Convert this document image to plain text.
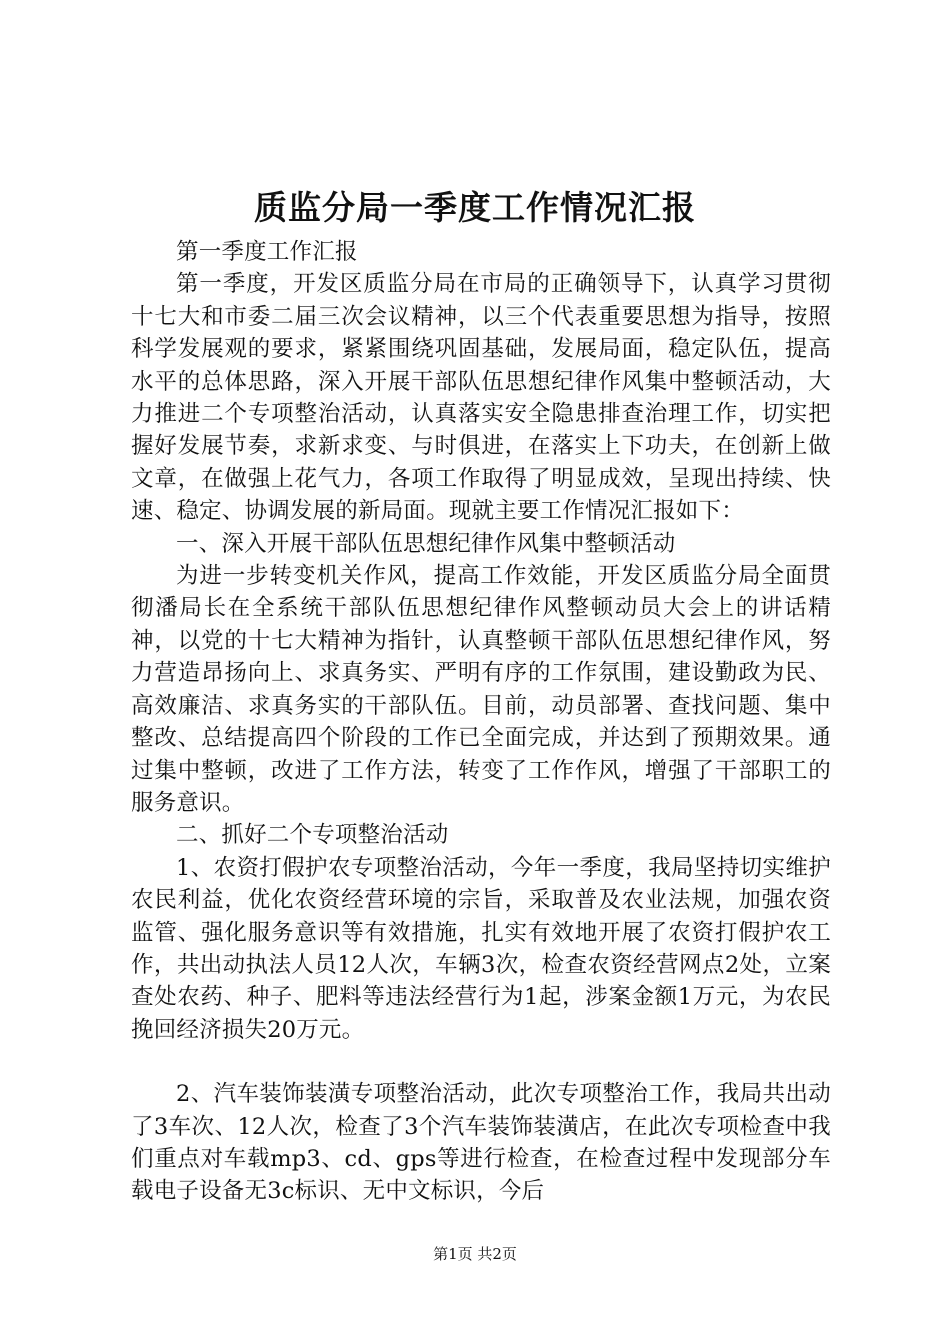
质监分局一季度工作情况汇报

第一季度工作汇报

第一季度，开发区质监分局在市局的正确领导下，认真学习贯彻十七大和市委二届三次会议精神，以三个代表重要思想为指导，按照科学发展观的要求，紧紧围绕巩固基础，发展局面，稳定队伍，提高水平的总体思路，深入开展干部队伍思想纪律作风集中整顿活动，大力推进二个专项整治活动，认真落实安全隐患排查治理工作，切实把握好发展节奏，求新求变、与时俱进，在落实上下功夫，在创新上做文章，在做强上花气力，各项工作取得了明显成效，呈现出持续、快速、稳定、协调发展的新局面。现就主要工作情况汇报如下：

一、深入开展干部队伍思想纪律作风集中整顿活动

为进一步转变机关作风，提高工作效能，开发区质监分局全面贯彻潘局长在全系统干部队伍思想纪律作风整顿动员大会上的讲话精神，以党的十七大精神为指针，认真整顿干部队伍思想纪律作风，努力营造昂扬向上、求真务实、严明有序的工作氛围，建设勤政为民、高效廉洁、求真务实的干部队伍。目前，动员部署、查找问题、集中整改、总结提高四个阶段的工作已全面完成，并达到了预期效果。通过集中整顿，改进了工作方法，转变了工作作风，增强了干部职工的服务意识。

二、抓好二个专项整治活动

1、农资打假护农专项整治活动，今年一季度，我局坚持切实维护农民利益，优化农资经营环境的宗旨，采取普及农业法规，加强农资监管、强化服务意识等有效措施，扎实有效地开展了农资打假护农工作，共出动执法人员12人次，车辆3次，检查农资经营网点2处，立案查处农药、种子、肥料等违法经营行为1起，涉案金额1万元，为农民挽回经济损失20万元。

2、汽车装饰装潢专项整治活动，此次专项整治工作，我局共出动了3车次、12人次，检查了3个汽车装饰装潢店，在此次专项检查中我们重点对车载mp3、cd、gps等进行检查，在检查过程中发现部分车载电子设备无3c标识、无中文标识，今后

第1页 共2页
